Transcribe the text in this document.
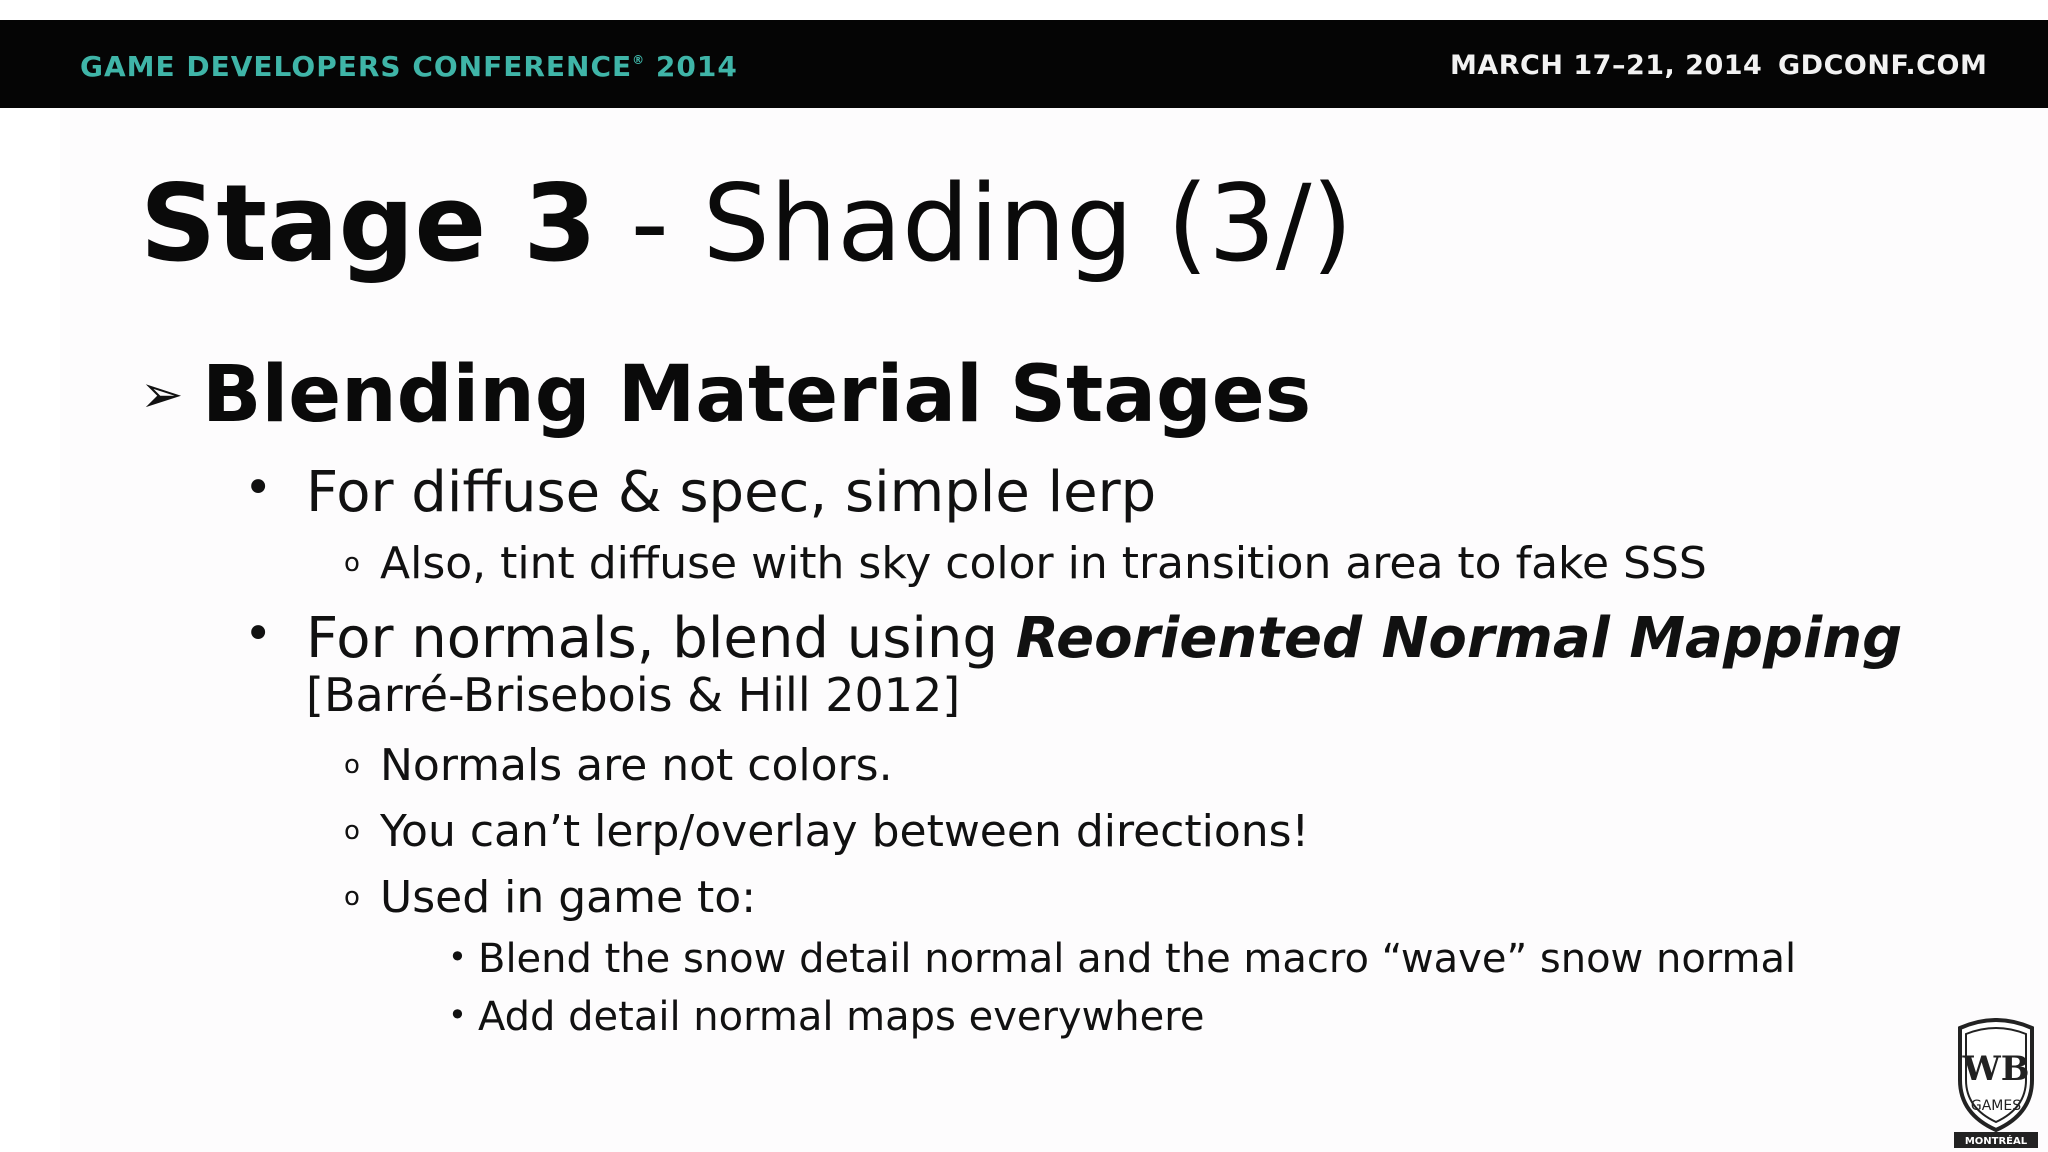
GAME DEVELOPERS CONFERENCE® 2014	MARCH 17–21, 2014 GDCONF.COM
Stage 3 - Shading (3/)
➢ Blending Material Stages
• For diffuse & spec, simple lerp
o Also, tint diffuse with sky color in transition area to fake SSS
• For normals, blend using Reoriented Normal Mapping
[Barré-Brisebois & Hill 2012]
o Normals are not colors.
o You can’t lerp/overlay between directions!
o Used in game to:
• Blend the snow detail normal and the macro “wave” snow normal
• Add detail normal maps everywhere
WB
GAMES
MONTRÉAL
